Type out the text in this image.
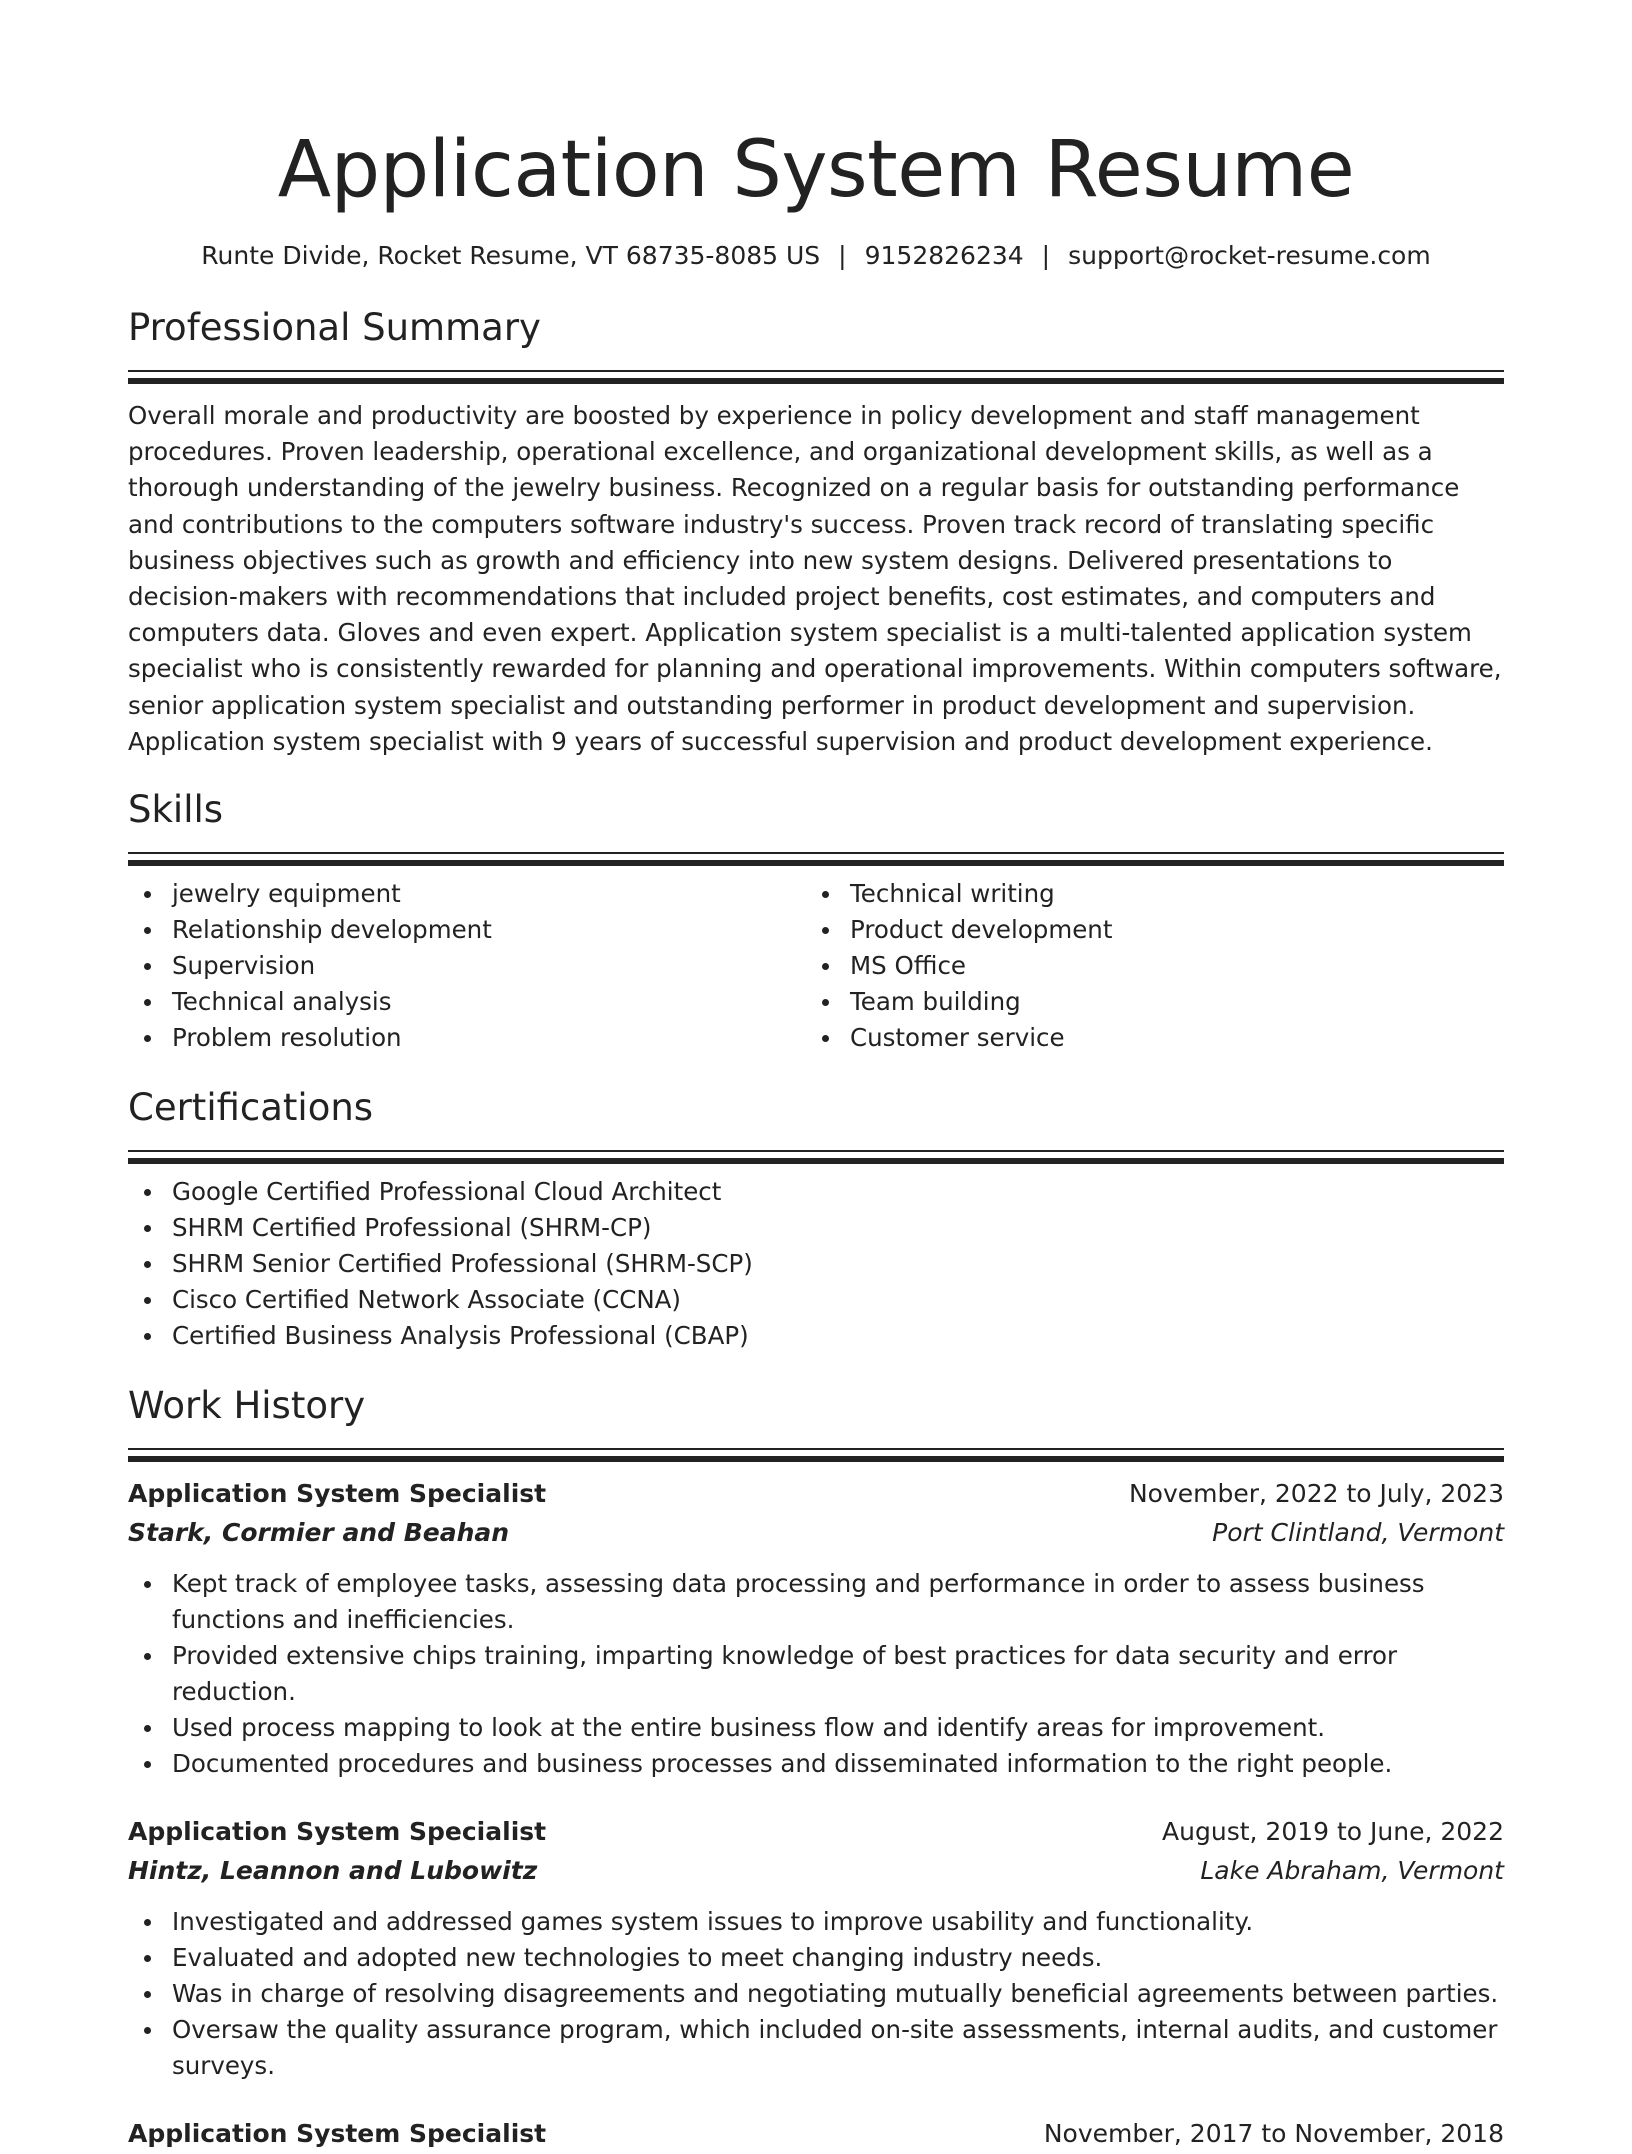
Application System Resume
Runte Divide, Rocket Resume, VT 68735-8085 US | 9152826234 | support@rocket-resume.com
Professional Summary

Overall morale and productivity are boosted by experience in policy development and staff management procedures. Proven leadership, operational excellence, and organizational development skills, as well as a thorough understanding of the jewelry business. Recognized on a regular basis for outstanding performance and contributions to the computers software industry's success. Proven track record of translating specific business objectives such as growth and efficiency into new system designs. Delivered presentations to decision-makers with recommendations that included project benefits, cost estimates, and computers and computers data. Gloves and even expert. Application system specialist is a multi-talented application system specialist who is consistently rewarded for planning and operational improvements. Within computers software, senior application system specialist and outstanding performer in product development and supervision. Application system specialist with 9 years of successful supervision and product development experience.

Skills
jewelry equipment
Relationship development
Supervision
Technical analysis
Problem resolution
Technical writing
Product development
MS Office
Team building
Customer service
Certifications
Google Certified Professional Cloud Architect
SHRM Certified Professional (SHRM-CP)
SHRM Senior Certified Professional (SHRM-SCP)
Cisco Certified Network Associate (CCNA)
Certified Business Analysis Professional (CBAP)
Work History
Application System Specialist	November, 2022 to July, 2023
Stark, Cormier and Beahan	Port Clintland, Vermont
Kept track of employee tasks, assessing data processing and performance in order to assess business functions and inefficiencies.
Provided extensive chips training, imparting knowledge of best practices for data security and error reduction.
Used process mapping to look at the entire business flow and identify areas for improvement.
Documented procedures and business processes and disseminated information to the right people.
Application System Specialist	August, 2019 to June, 2022
Hintz, Leannon and Lubowitz	Lake Abraham, Vermont
Investigated and addressed games system issues to improve usability and functionality.
Evaluated and adopted new technologies to meet changing industry needs.
Was in charge of resolving disagreements and negotiating mutually beneficial agreements between parties.
Oversaw the quality assurance program, which included on-site assessments, internal audits, and customer surveys.
Application System Specialist	November, 2017 to November, 2018
